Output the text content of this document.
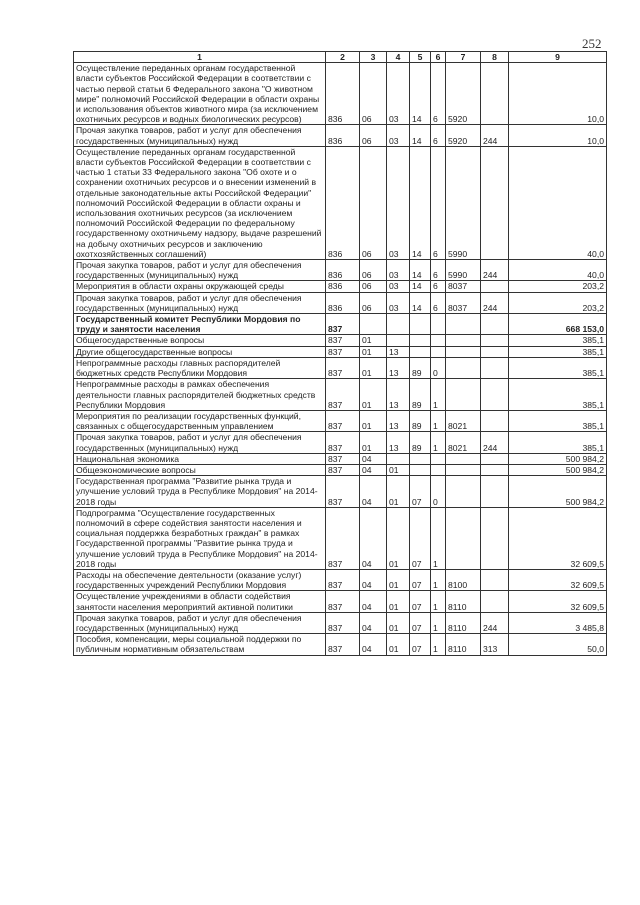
252
1	2	3	4	5	6	7	8	9
Осуществление переданных органам государственной власти субъектов Российской Федерации в соответствии с частью первой статьи 6 Федерального закона "О животном мире" полномочий Российской Федерации в области охраны и использования объектов животного мира (за исключением охотничьих ресурсов и водных биологических ресурсов)	836	06	03	14	6	5920		10,0
Прочая закупка товаров, работ и услуг для обеспечения государственных (муниципальных) нужд	836	06	03	14	6	5920	244	10,0
Осуществление переданных органам государственной власти субъектов Российской Федерации в соответствии с частью 1 статьи 33 Федерального закона "Об охоте и о сохранении охотничьих ресурсов и о внесении изменений в отдельные законодательные акты Российской Федерации" полномочий Российской Федерации в области охраны и использования охотничьих ресурсов (за исключением полномочий Российской Федерации по федеральному государственному охотничьему надзору, выдаче разрешений на добычу охотничьих ресурсов и заключению охотхозяйственных соглашений)	836	06	03	14	6	5990		40,0
Прочая закупка товаров, работ и услуг для обеспечения государственных (муниципальных) нужд	836	06	03	14	6	5990	244	40,0
Мероприятия в области охраны окружающей среды	836	06	03	14	6	8037		203,2
Прочая закупка товаров, работ и услуг для обеспечения государственных (муниципальных) нужд	836	06	03	14	6	8037	244	203,2
Государственный комитет Республики Мордовия по труду и занятости населения	837							668 153,0
Общегосударственные вопросы	837	01						385,1
Другие общегосударственные вопросы	837	01	13					385,1
Непрограммные расходы главных распорядителей бюджетных средств Республики Мордовия	837	01	13	89	0			385,1
Непрограммные расходы в рамках обеспечения деятельности главных распорядителей бюджетных средств Республики Мордовия	837	01	13	89	1			385,1
Мероприятия по реализации государственных функций, связанных с общегосударственным управлением	837	01	13	89	1	8021		385,1
Прочая закупка товаров, работ и услуг для обеспечения государственных (муниципальных) нужд	837	01	13	89	1	8021	244	385,1
Национальная экономика	837	04						500 984,2
Общеэкономические вопросы	837	04	01					500 984,2
Государственная программа "Развитие рынка труда и улучшение условий труда в Республике Мордовия" на 2014-2018 годы	837	04	01	07	0			500 984,2
Подпрограмма "Осуществление государственных полномочий в сфере содействия занятости населения и социальная поддержка безработных граждан" в рамках Государственной программы "Развитие рынка труда и улучшение условий труда в Республике Мордовия" на 2014-2018 годы	837	04	01	07	1			32 609,5
Расходы на обеспечение деятельности (оказание услуг) государственных учреждений Республики Мордовия	837	04	01	07	1	8100		32 609,5
Осуществление учреждениями в области содействия занятости населения мероприятий активной политики	837	04	01	07	1	8110		32 609,5
Прочая закупка товаров, работ и услуг для обеспечения государственных (муниципальных) нужд	837	04	01	07	1	8110	244	3 485,8
Пособия, компенсации, меры социальной поддержки по публичным нормативным обязательствам	837	04	01	07	1	8110	313	50,0
